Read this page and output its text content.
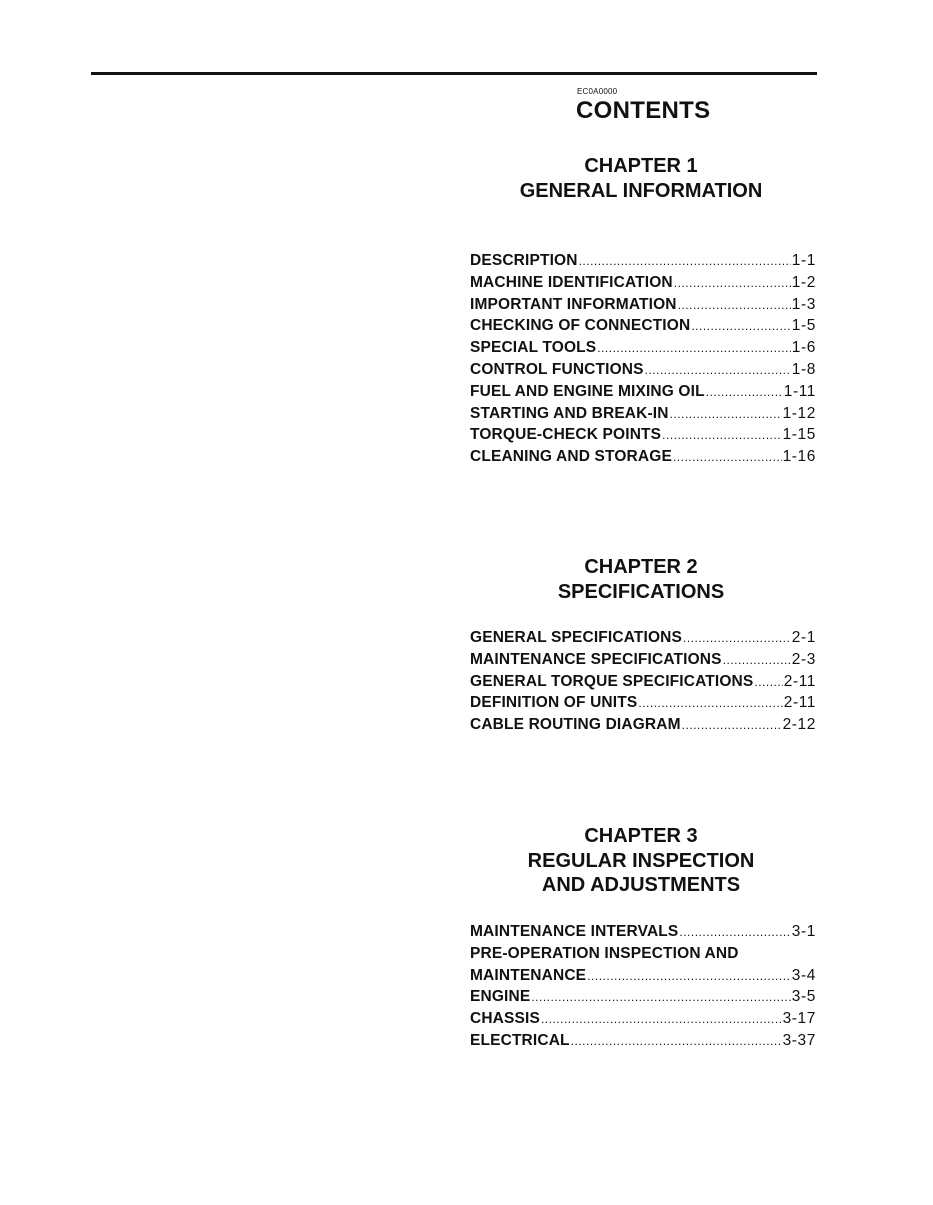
EC0A0000
CONTENTS
CHAPTER 1
GENERAL INFORMATION
DESCRIPTION .....	1-1
MACHINE IDENTIFICATION .....	1-2
IMPORTANT INFORMATION .....	1-3
CHECKING OF CONNECTION .....	1-5
SPECIAL TOOLS .....	1-6
CONTROL FUNCTIONS .....	1-8
FUEL AND ENGINE MIXING OIL .....	1-11
STARTING AND BREAK-IN .....	1-12
TORQUE-CHECK POINTS .....	1-15
CLEANING AND STORAGE .....	1-16
CHAPTER 2
SPECIFICATIONS
GENERAL SPECIFICATIONS .....	2-1
MAINTENANCE SPECIFICATIONS .....	2-3
GENERAL TORQUE SPECIFICATIONS ..... 2-11
DEFINITION OF UNITS .....	2-11
CABLE ROUTING DIAGRAM .....	2-12
CHAPTER 3
REGULAR INSPECTION
AND ADJUSTMENTS
MAINTENANCE INTERVALS .....	3-1
PRE-OPERATION INSPECTION AND
MAINTENANCE .....	3-4
ENGINE .....	3-5
CHASSIS .....	3-17
ELECTRICAL .....	3-37
